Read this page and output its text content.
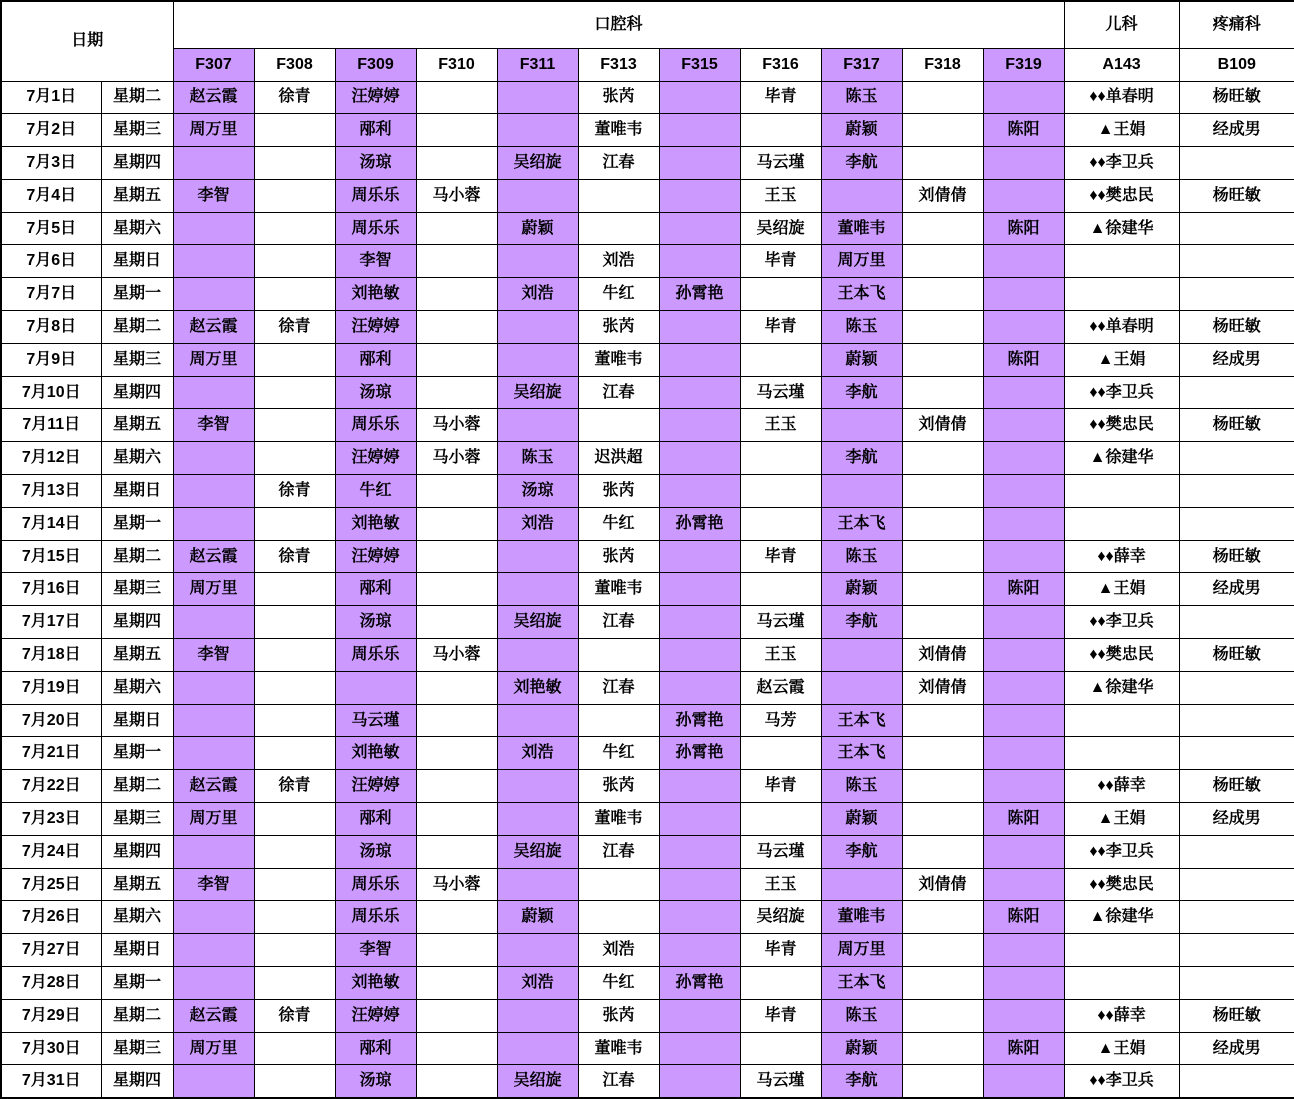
日期		口腔科											儿科	疼痛科
		F307	F308	F309	F310	F311	F313	F315	F316	F317	F318	F319	A143	B109
7月1日	星期二	赵云霞	徐青	汪婷婷			张芮		毕青	陈玉			♦♦单春明	杨旺敏
7月2日	星期三	周万里		邴利			董唯韦			蔚颖		陈阳	▲王娟	经成男
7月3日	星期四			汤琼		吴绍旋	江春		马云瑾	李航			♦♦李卫兵	
7月4日	星期五	李智		周乐乐	马小蓉				王玉		刘倩倩		♦♦樊忠民	杨旺敏
7月5日	星期六			周乐乐		蔚颖			吴绍旋	董唯韦		陈阳	▲徐建华	
7月6日	星期日			李智			刘浩		毕青	周万里				
7月7日	星期一			刘艳敏		刘浩	牛红	孙霄艳		王本飞				
7月8日	星期二	赵云霞	徐青	汪婷婷			张芮		毕青	陈玉			♦♦单春明	杨旺敏
7月9日	星期三	周万里		邴利			董唯韦			蔚颖		陈阳	▲王娟	经成男
7月10日	星期四			汤琼		吴绍旋	江春		马云瑾	李航			♦♦李卫兵	
7月11日	星期五	李智		周乐乐	马小蓉				王玉		刘倩倩		♦♦樊忠民	杨旺敏
7月12日	星期六			汪婷婷	马小蓉	陈玉	迟洪超			李航			▲徐建华	
7月13日	星期日		徐青	牛红		汤琼	张芮							
7月14日	星期一			刘艳敏		刘浩	牛红	孙霄艳		王本飞				
7月15日	星期二	赵云霞	徐青	汪婷婷			张芮		毕青	陈玉			♦♦薛幸	杨旺敏
7月16日	星期三	周万里		邴利			董唯韦			蔚颖		陈阳	▲王娟	经成男
7月17日	星期四			汤琼		吴绍旋	江春		马云瑾	李航			♦♦李卫兵	
7月18日	星期五	李智		周乐乐	马小蓉				王玉		刘倩倩		♦♦樊忠民	杨旺敏
7月19日	星期六					刘艳敏	江春		赵云霞		刘倩倩		▲徐建华	
7月20日	星期日			马云瑾				孙霄艳	马芳	王本飞				
7月21日	星期一			刘艳敏		刘浩	牛红	孙霄艳		王本飞				
7月22日	星期二	赵云霞	徐青	汪婷婷			张芮		毕青	陈玉			♦♦薛幸	杨旺敏
7月23日	星期三	周万里		邴利			董唯韦			蔚颖		陈阳	▲王娟	经成男
7月24日	星期四			汤琼		吴绍旋	江春		马云瑾	李航			♦♦李卫兵	
7月25日	星期五	李智		周乐乐	马小蓉				王玉		刘倩倩		♦♦樊忠民	
7月26日	星期六			周乐乐		蔚颖			吴绍旋	董唯韦		陈阳	▲徐建华	
7月27日	星期日			李智			刘浩		毕青	周万里				
7月28日	星期一			刘艳敏		刘浩	牛红	孙霄艳		王本飞				
7月29日	星期二	赵云霞	徐青	汪婷婷			张芮		毕青	陈玉			♦♦薛幸	杨旺敏
7月30日	星期三	周万里		邴利			董唯韦			蔚颖		陈阳	▲王娟	经成男
7月31日	星期四			汤琼		吴绍旋	江春		马云瑾	李航			♦♦李卫兵	
